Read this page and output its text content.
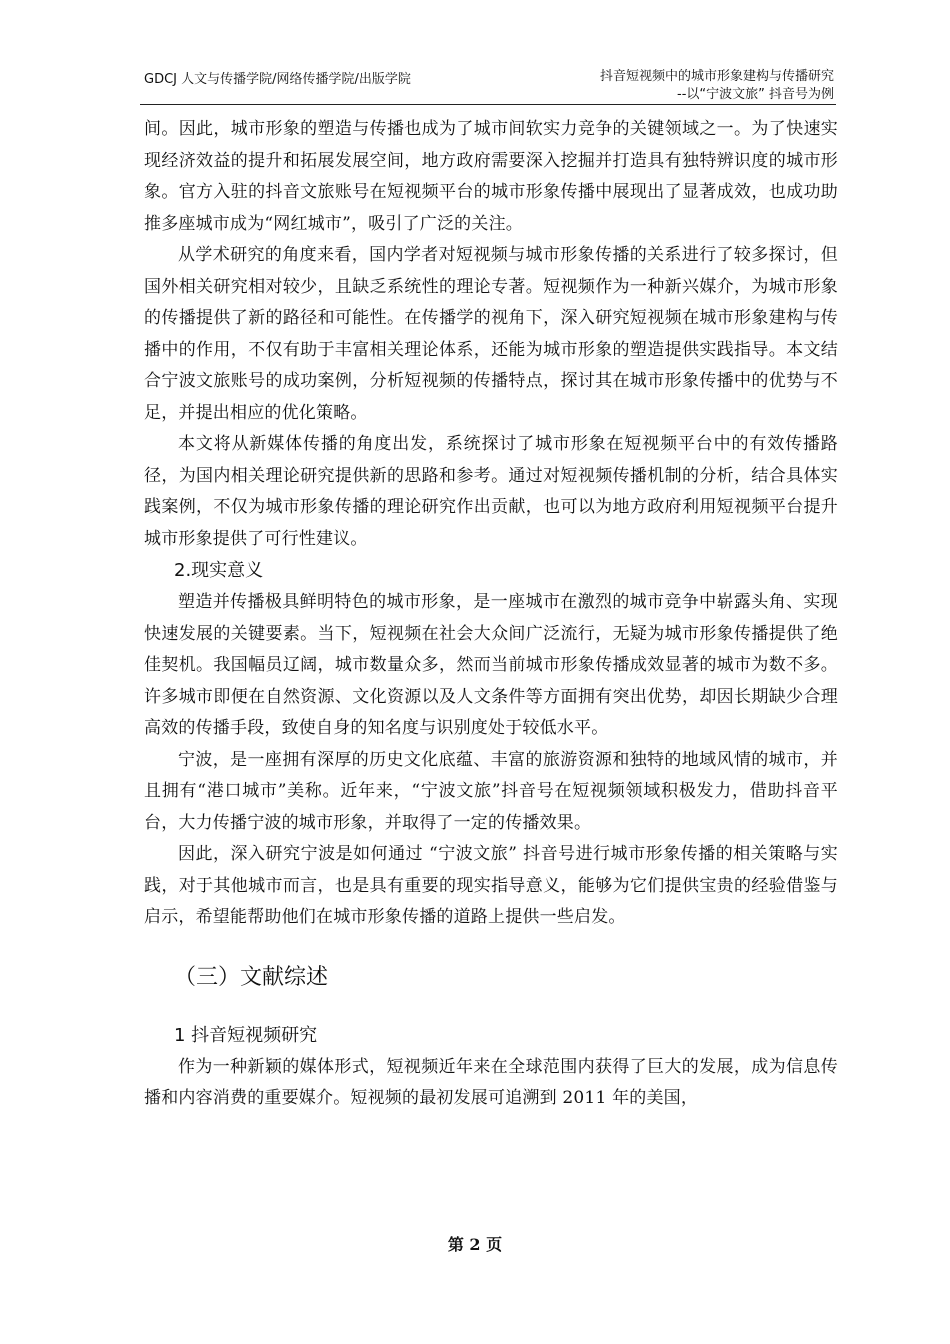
GDCJ 人文与传播学院/网络传播学院/出版学院	抖音短视频中的城市形象建构与传播研究
--以“宁波文旅” 抖音号为例

间。因此，城市形象的塑造与传播也成为了城市间软实力竞争的关键领域之一。为了快速实现经济效益的提升和拓展发展空间，地方政府需要深入挖掘并打造具有独特辨识度的城市形象。官方入驻的抖音文旅账号在短视频平台的城市形象传播中展现出了显著成效，也成功助推多座城市成为“网红城市”，吸引了广泛的关注。

从学术研究的角度来看，国内学者对短视频与城市形象传播的关系进行了较多探讨，但国外相关研究相对较少，且缺乏系统性的理论专著。短视频作为一种新兴媒介，为城市形象的传播提供了新的路径和可能性。在传播学的视角下，深入研究短视频在城市形象建构与传播中的作用，不仅有助于丰富相关理论体系，还能为城市形象的塑造提供实践指导。本文结合宁波文旅账号的成功案例，分析短视频的传播特点，探讨其在城市形象传播中的优势与不足，并提出相应的优化策略。

本文将从新媒体传播的角度出发，系统探讨了城市形象在短视频平台中的有效传播路径，为国内相关理论研究提供新的思路和参考。通过对短视频传播机制的分析，结合具体实践案例，不仅为城市形象传播的理论研究作出贡献，也可以为地方政府利用短视频平台提升城市形象提供了可行性建议。

2.现实意义

塑造并传播极具鲜明特色的城市形象，是一座城市在激烈的城市竞争中崭露头角、实现快速发展的关键要素。当下，短视频在社会大众间广泛流行，无疑为城市形象传播提供了绝佳契机。我国幅员辽阔，城市数量众多，然而当前城市形象传播成效显著的城市为数不多。许多城市即便在自然资源、文化资源以及人文条件等方面拥有突出优势，却因长期缺少合理高效的传播手段，致使自身的知名度与识别度处于较低水平。

宁波，是一座拥有深厚的历史文化底蕴、丰富的旅游资源和独特的地域风情的城市，并且拥有“港口城市”美称。近年来，“宁波文旅”抖音号在短视频领域积极发力，借助抖音平台，大力传播宁波的城市形象，并取得了一定的传播效果。

因此，深入研究宁波是如何通过 “宁波文旅” 抖音号进行城市形象传播的相关策略与实践，对于其他城市而言，也是具有重要的现实指导意义，能够为它们提供宝贵的经验借鉴与启示，希望能帮助他们在城市形象传播的道路上提供一些启发。

（三）文献综述
1 抖音短视频研究

作为一种新颖的媒体形式，短视频近年来在全球范围内获得了巨大的发展，成为信息传播和内容消费的重要媒介。短视频的最初发展可追溯到 2011 年的美国，

第 2 页
